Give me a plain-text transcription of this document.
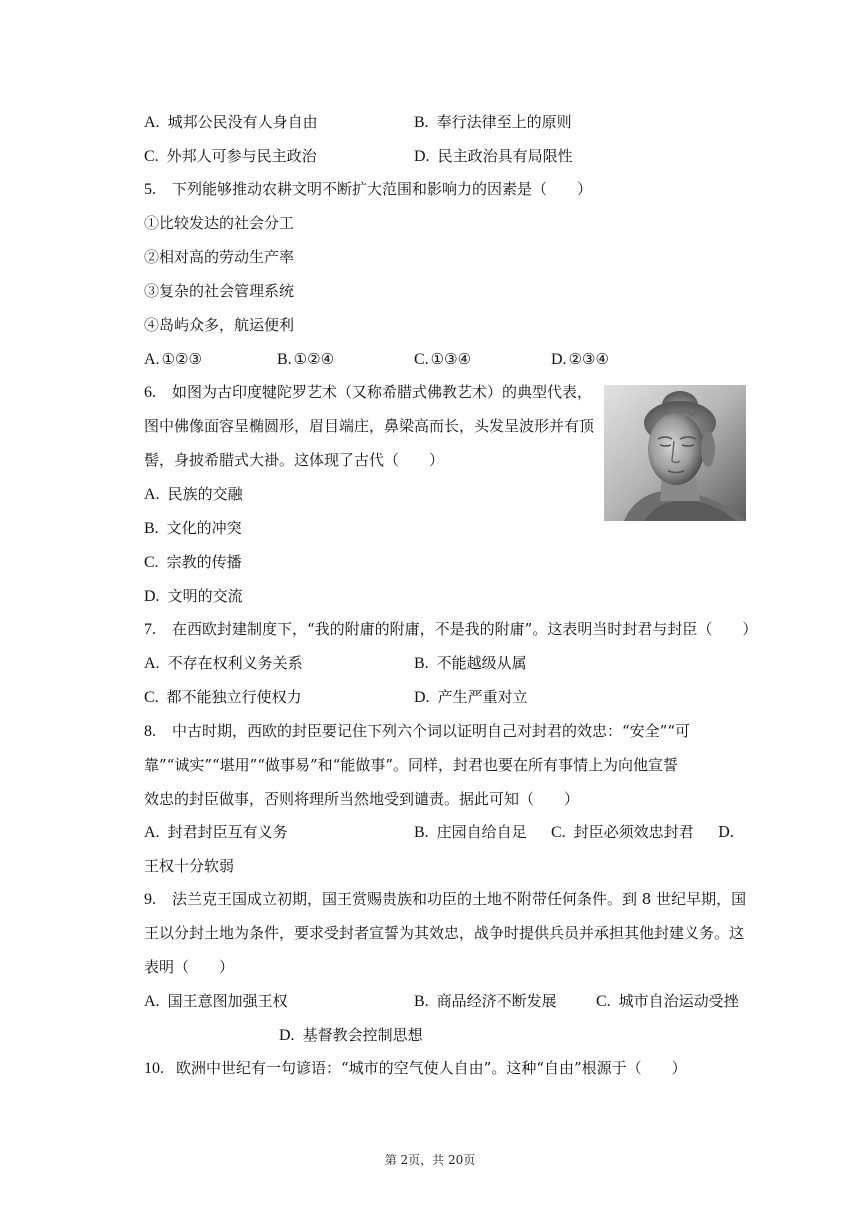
A. 城邦公民没有人身自由	B. 奉行法律至上的原则
C. 外邦人可参与民主政治	D. 民主政治具有局限性
5. 下列能够推动农耕文明不断扩大范围和影响力的因素是（　　）
①比较发达的社会分工
②相对高的劳动生产率
③复杂的社会管理系统
④岛屿众多，航运便利
A. ①②③	B. ①②④	C. ①③④	D. ②③④
6. 如图为古印度犍陀罗艺术（又称希腊式佛教艺术）的典型代表，
图中佛像面容呈椭圆形，眉目端庄，鼻梁高而长，头发呈波形并有顶
髻，身披希腊式大褂。这体现了古代（　　）
A. 民族的交融
B. 文化的冲突
C. 宗教的传播
D. 文明的交流
7. 在西欧封建制度下，“我的附庸的附庸，不是我的附庸”。这表明当时封君与封臣（　　）
A. 不存在权利义务关系	B. 不能越级从属
C. 都不能独立行使权力	D. 产生严重对立
8. 中古时期，西欧的封臣要记住下列六个词以证明自己对封君的效忠：“安全”“可
靠”“诚实”“堪用”“做事易”和“能做事”。同样，封君也要在所有事情上为向他宣誓
效忠的封臣做事，否则将理所当然地受到谴责。据此可知（　　）
A. 封君封臣互有义务	B. 庄园自给自足 C. 封臣必须效忠封君 D.
王权十分软弱
9. 法兰克王国成立初期，国王赏赐贵族和功臣的土地不附带任何条件。到 8 世纪早期，国
王以分封土地为条件，要求受封者宣誓为其效忠，战争时提供兵员并承担其他封建义务。这
表明（　　）
A. 国王意图加强王权	B. 商品经济不断发展 C. 城市自治运动受挫
D. 基督教会控制思想
10. 欧洲中世纪有一句谚语：“城市的空气使人自由”。这种“自由”根源于（　　）
第 2页，共 20页
